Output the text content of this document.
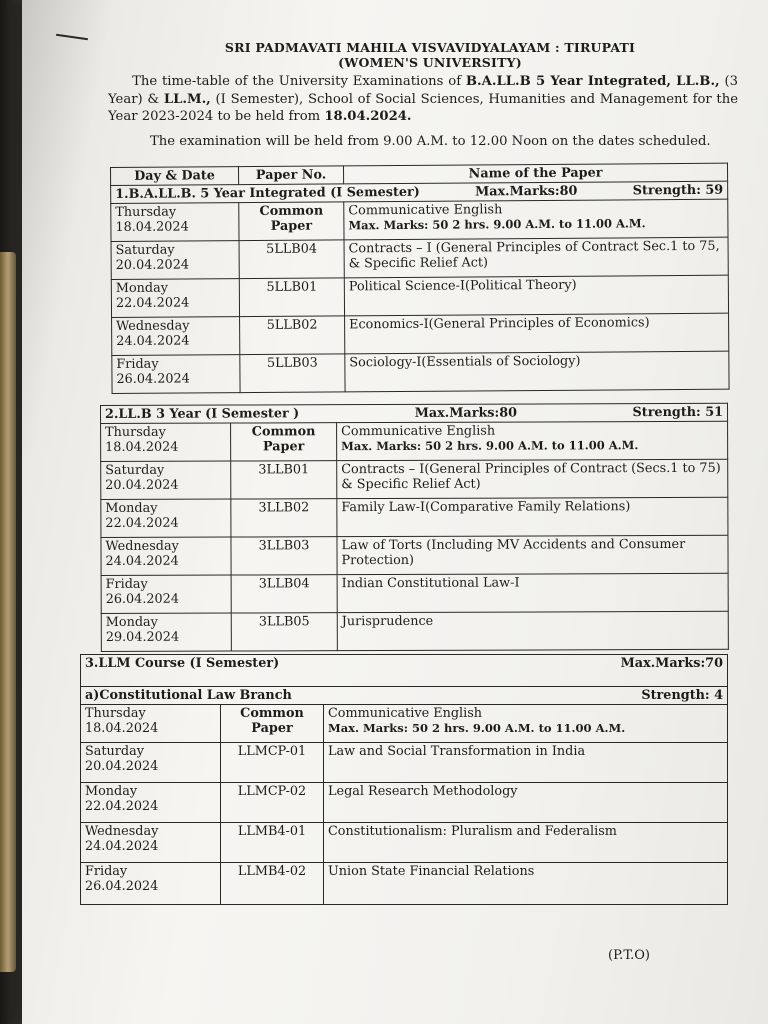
SRI PADMAVATI MAHILA VISVAVIDYALAYAM : TIRUPATI
(WOMEN'S UNIVERSITY)
The time-table of the University Examinations of B.A.LL.B 5 Year Integrated, LL.B., (3 Year) & LL.M., (I Semester), School of Social Sciences, Humanities and Management for the Year 2023-2024 to be held from 18.04.2024.
The examination will be held from 9.00 A.M. to 12.00 Noon on the dates scheduled.
Day & Date	Paper No.	Name of the Paper

1.B.A.LL.B. 5 Year Integrated (I Semester) Max.Marks:80 Strength: 59		

Thursday
18.04.2024	Common Paper	Communicative English
Max. Marks: 50 2 hrs. 9.00 A.M. to 11.00 A.M.

Saturday
20.04.2024	5LLB04	Contracts – I (General Principles of Contract Sec.1 to 75, & Specific Relief Act)
Monday
22.04.2024	5LLB01	Political Science-I(Political Theory)
Wednesday
24.04.2024	5LLB02	Economics-I(General Principles of Economics)
Friday
26.04.2024	5LLB03	Sociology-I(Essentials of Sociology)
2.LL.B 3 Year (I Semester ) Max.Marks:80 Strength: 51		

Thursday
18.04.2024	Common Paper	Communicative English
Max. Marks: 50 2 hrs. 9.00 A.M. to 11.00 A.M.

Saturday
20.04.2024	3LLB01	Contracts – I(General Principles of Contract (Secs.1 to 75) & Specific Relief Act)
Monday
22.04.2024	3LLB02	Family Law-I(Comparative Family Relations)
Wednesday
24.04.2024	3LLB03	Law of Torts (Including MV Accidents and Consumer Protection)
Friday
26.04.2024	3LLB04	Indian Constitutional Law-I
Monday
29.04.2024	3LLB05	Jurisprudence
3.LLM Course (I Semester) Max.Marks:70		

a)Constitutional Law Branch Strength: 4		

Thursday
18.04.2024	Common Paper	Communicative English
Max. Marks: 50 2 hrs. 9.00 A.M. to 11.00 A.M.

Saturday
20.04.2024	LLMCP-01	Law and Social Transformation in India
Monday
22.04.2024	LLMCP-02	Legal Research Methodology
Wednesday
24.04.2024	LLMB4-01	Constitutionalism: Pluralism and Federalism
Friday
26.04.2024	LLMB4-02	Union State Financial Relations
(P.T.O)
